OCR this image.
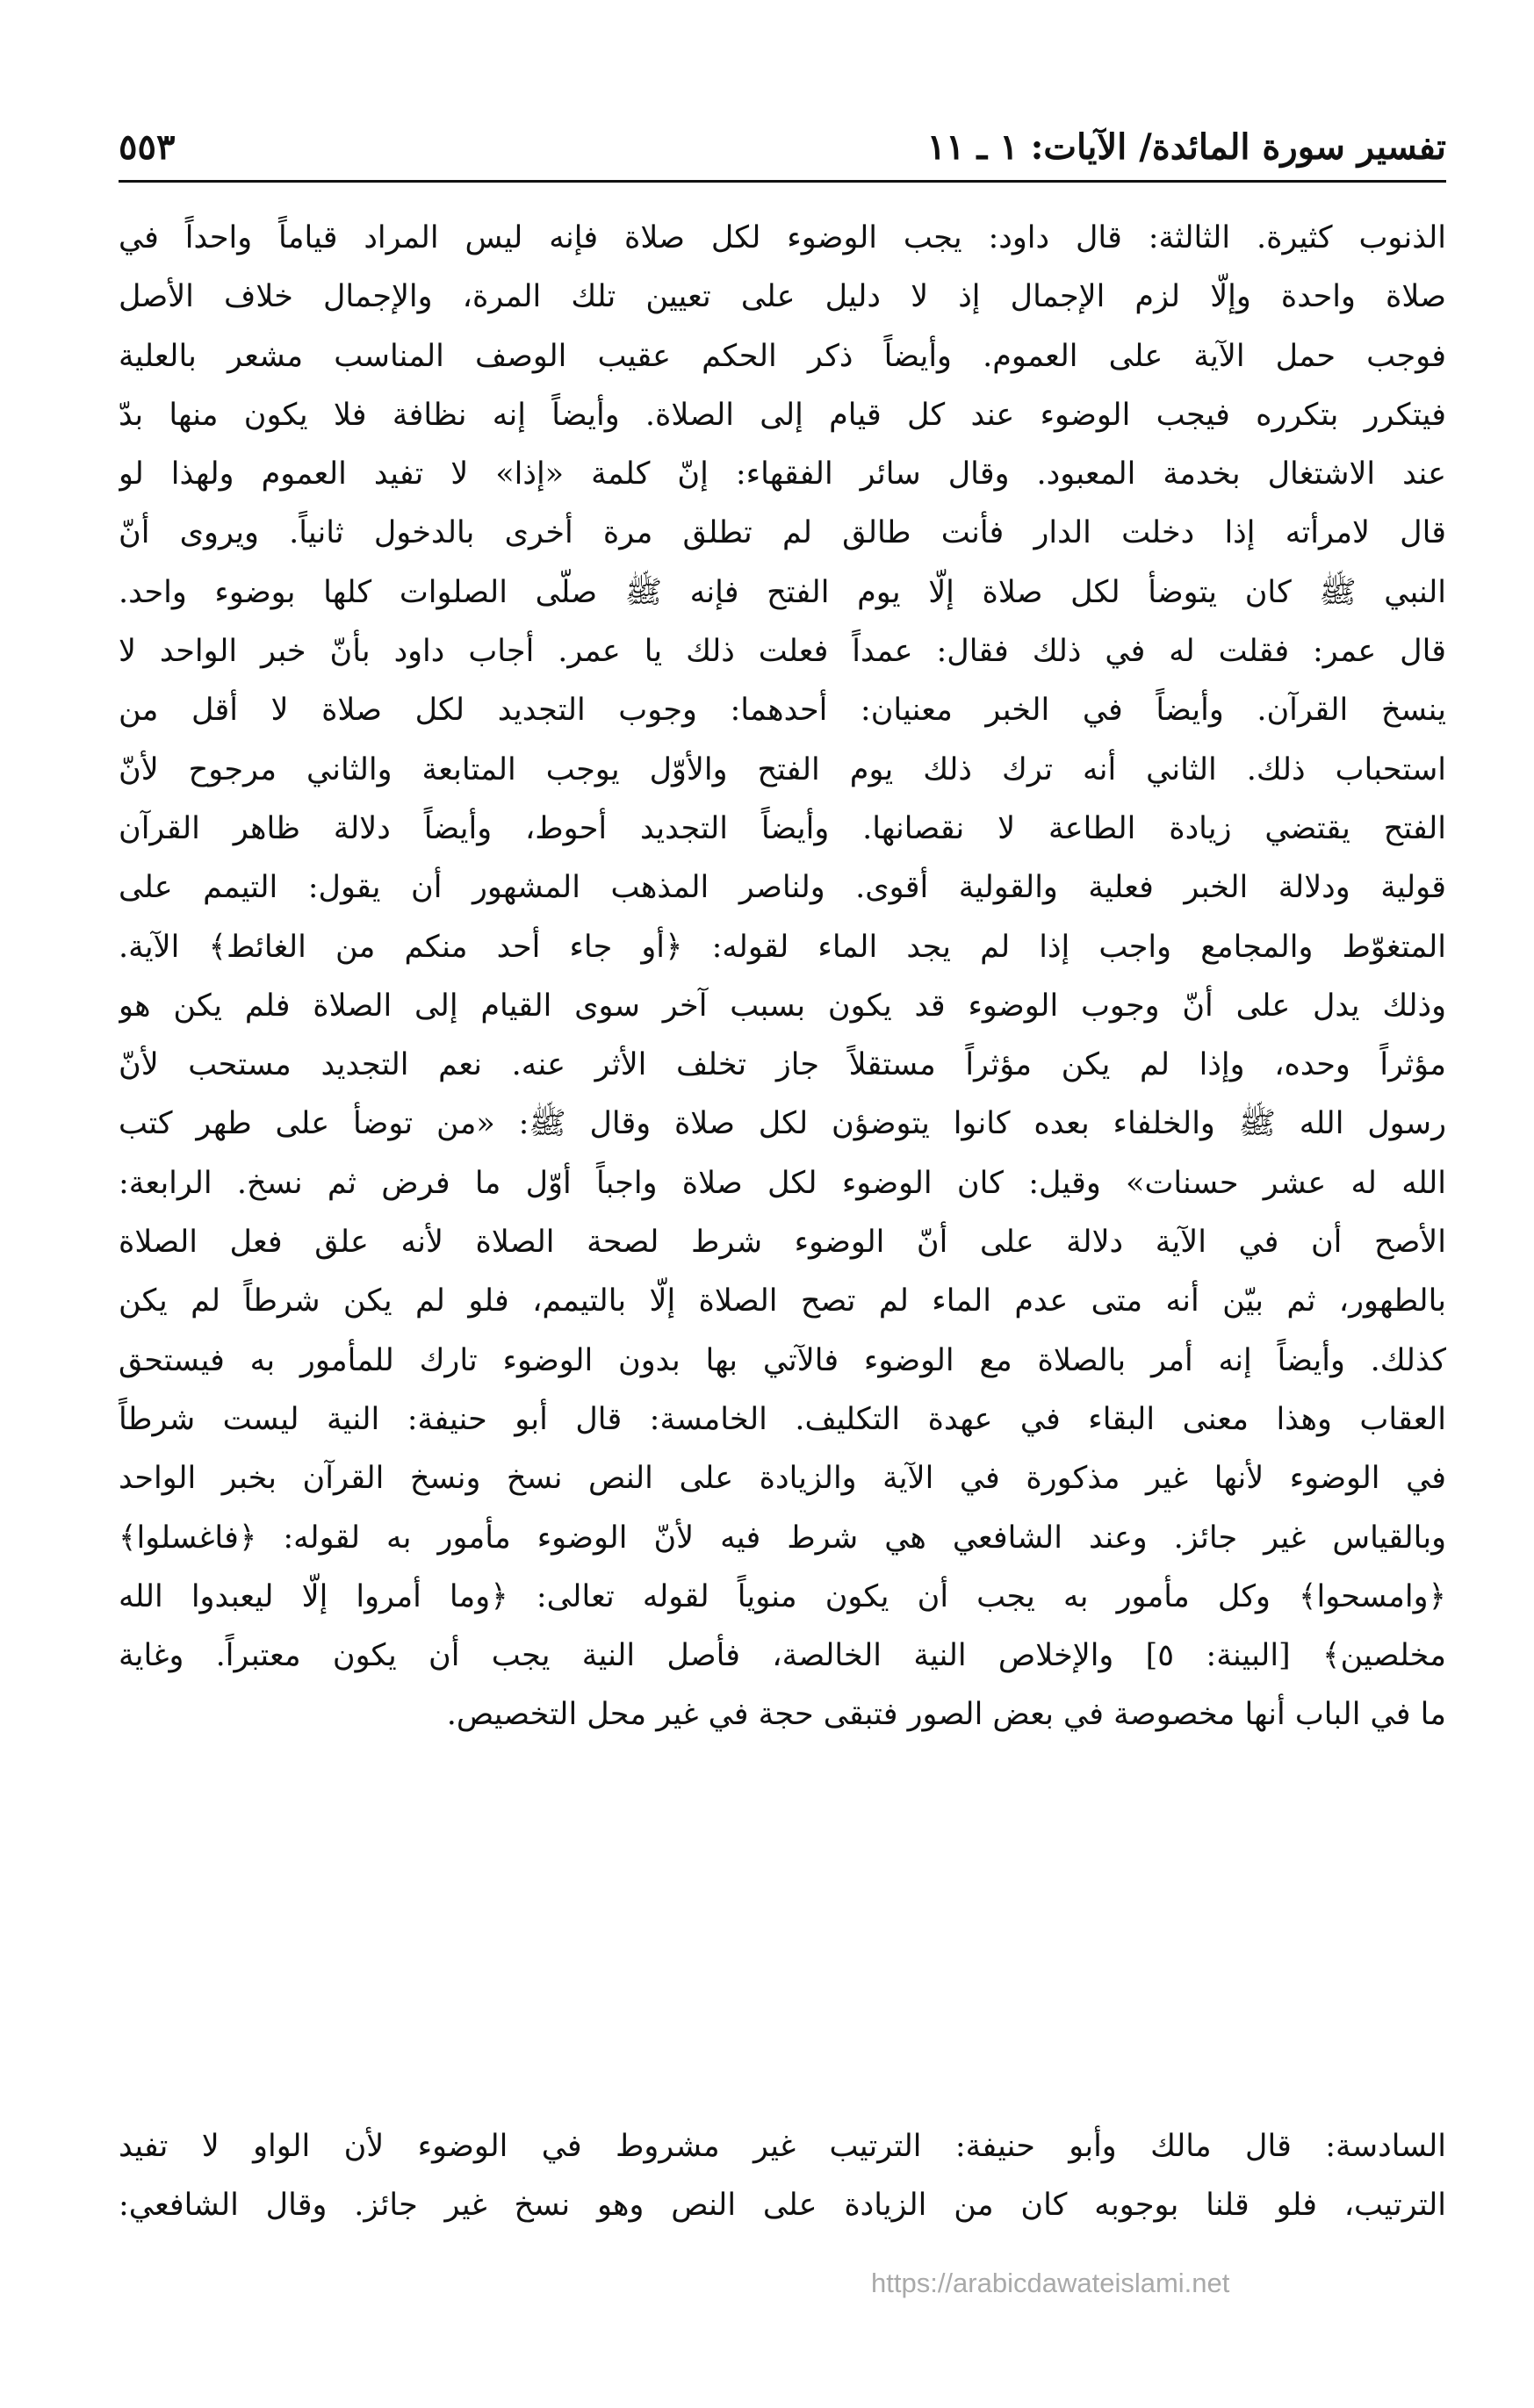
تفسير سورة المائدة/ الآيات: ١ ـ ١١
٥٥٣
الذنوب كثيرة. الثالثة: قال داود: يجب الوضوء لكل صلاة فإنه ليس المراد قياماً واحداً في
صلاة واحدة وإلّا لزم الإجمال إذ لا دليل على تعيين تلك المرة، والإجمال خلاف الأصل
فوجب حمل الآية على العموم. وأيضاً ذكر الحكم عقيب الوصف المناسب مشعر بالعلية
فيتكرر بتكرره فيجب الوضوء عند كل قيام إلى الصلاة. وأيضاً إنه نظافة فلا يكون منها بدّ
عند الاشتغال بخدمة المعبود. وقال سائر الفقهاء: إنّ كلمة «إذا» لا تفيد العموم ولهذا لو
قال لامرأته إذا دخلت الدار فأنت طالق لم تطلق مرة أخرى بالدخول ثانياً. ويروى أنّ
النبي ﷺ كان يتوضأ لكل صلاة إلّا يوم الفتح فإنه ﷺ صلّى الصلوات كلها بوضوء واحد.
قال عمر: فقلت له في ذلك فقال: عمداً فعلت ذلك يا عمر. أجاب داود بأنّ خبر الواحد لا
ينسخ القرآن. وأيضاً في الخبر معنيان: أحدهما: وجوب التجديد لكل صلاة لا أقل من
استحباب ذلك. الثاني أنه ترك ذلك يوم الفتح والأوّل يوجب المتابعة والثاني مرجوح لأنّ
الفتح يقتضي زيادة الطاعة لا نقصانها. وأيضاً التجديد أحوط، وأيضاً دلالة ظاهر القرآن
قولية ودلالة الخبر فعلية والقولية أقوى. ولناصر المذهب المشهور أن يقول: التيمم على
المتغوّط والمجامع واجب إذا لم يجد الماء لقوله: ﴿أو جاء أحد منكم من الغائط﴾ الآية.
وذلك يدل على أنّ وجوب الوضوء قد يكون بسبب آخر سوى القيام إلى الصلاة فلم يكن هو
مؤثراً وحده، وإذا لم يكن مؤثراً مستقلاً جاز تخلف الأثر عنه. نعم التجديد مستحب لأنّ
رسول الله ﷺ والخلفاء بعده كانوا يتوضؤن لكل صلاة وقال ﷺ: «من توضأ على طهر كتب
الله له عشر حسنات» وقيل: كان الوضوء لكل صلاة واجباً أوّل ما فرض ثم نسخ. الرابعة:
الأصح أن في الآية دلالة على أنّ الوضوء شرط لصحة الصلاة لأنه علق فعل الصلاة
بالطهور، ثم بيّن أنه متى عدم الماء لم تصح الصلاة إلّا بالتيمم، فلو لم يكن شرطاً لم يكن
كذلك. وأيضاً إنه أمر بالصلاة مع الوضوء فالآتي بها بدون الوضوء تارك للمأمور به فيستحق
العقاب وهذا معنى البقاء في عهدة التكليف. الخامسة: قال أبو حنيفة: النية ليست شرطاً
في الوضوء لأنها غير مذكورة في الآية والزيادة على النص نسخ ونسخ القرآن بخبر الواحد
وبالقياس غير جائز. وعند الشافعي هي شرط فيه لأنّ الوضوء مأمور به لقوله: ﴿فاغسلوا﴾
﴿وامسحوا﴾ وكل مأمور به يجب أن يكون منوياً لقوله تعالى: ﴿وما أمروا إلّا ليعبدوا الله
مخلصين﴾ [البينة: ٥] والإخلاص النية الخالصة، فأصل النية يجب أن يكون معتبراً. وغاية
ما في الباب أنها مخصوصة في بعض الصور فتبقى حجة في غير محل التخصيص.
السادسة: قال مالك وأبو حنيفة: الترتيب غير مشروط في الوضوء لأن الواو لا تفيد
الترتيب، فلو قلنا بوجوبه كان من الزيادة على النص وهو نسخ غير جائز. وقال الشافعي:
https://arabicdawateislami.net
